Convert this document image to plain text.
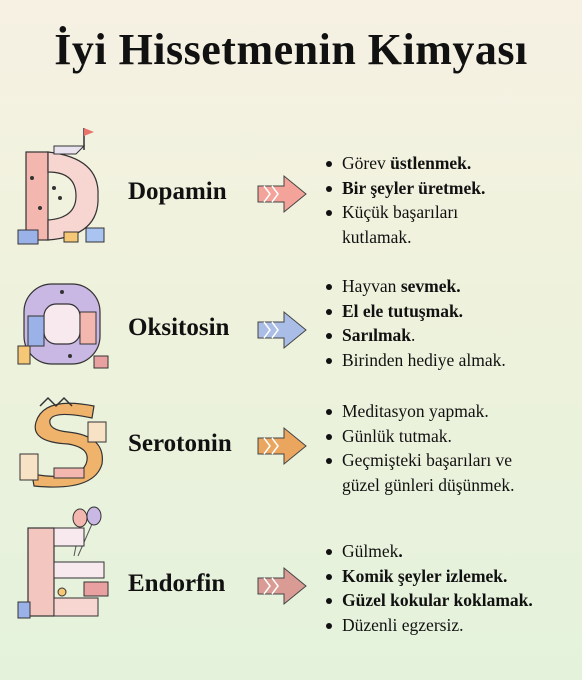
İyi Hissetmenin Kimyası
Dopamin
Görev üstlenmek.
Bir şeyler üretmek.
Küçük başarıları
kutlamak.
Oksitosin
Hayvan sevmek.
El ele tutuşmak.
Sarılmak.
Birinden hediye almak.
Serotonin
Meditasyon yapmak.
Günlük tutmak.
Geçmişteki başarıları ve
güzel günleri düşünmek.
Endorfin
Gülmek.
Komik şeyler izlemek.
Güzel kokular koklamak.
Düzenli egzersiz.
